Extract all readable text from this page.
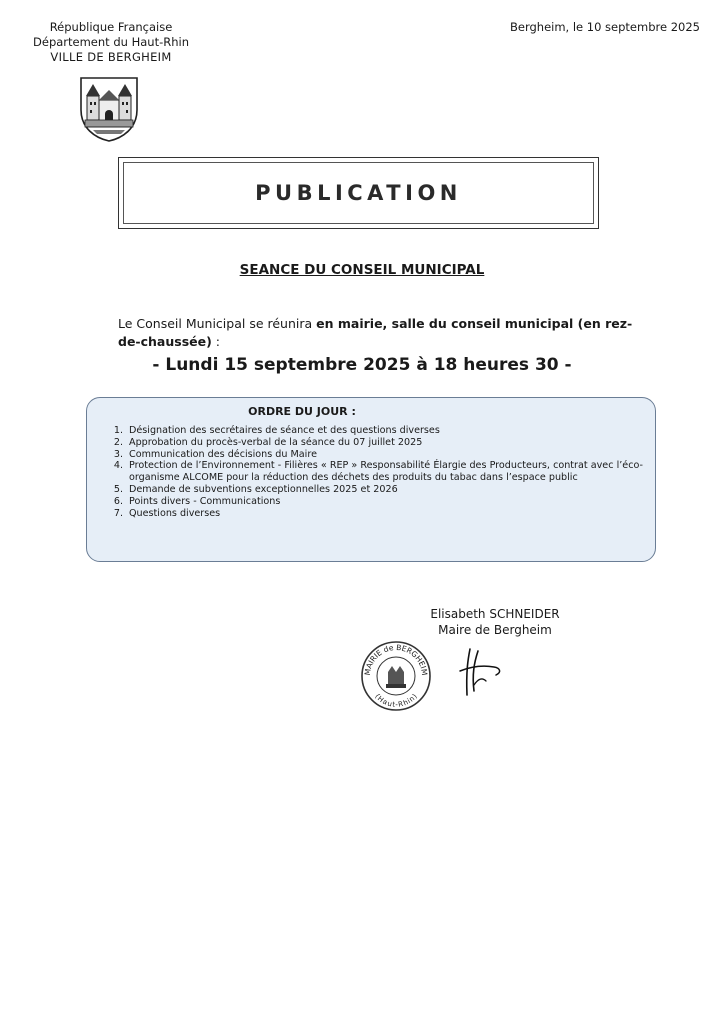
République Française
Département du Haut-Rhin
VILLE DE BERGHEIM
Bergheim, le 10 septembre 2025
PUBLICATION
SEANCE DU CONSEIL MUNICIPAL
Le Conseil Municipal se réunira en mairie, salle du conseil municipal (en rez-de-chaussée) :
- Lundi 15 septembre 2025 à 18 heures 30 -
ORDRE DU JOUR :
1. Désignation des secrétaires de séance et des questions diverses
2. Approbation du procès-verbal de la séance du 07 juillet 2025
3. Communication des décisions du Maire
4. Protection de l’Environnement - Filières « REP » Responsabilité Élargie des Producteurs, contrat avec l’éco-organisme ALCOME pour la réduction des déchets des produits du tabac dans l’espace public
5. Demande de subventions exceptionnelles 2025 et 2026
6. Points divers - Communications
7. Questions diverses
Elisabeth SCHNEIDER
Maire de Bergheim
MAIRIE de BERGHEIM
(Haut-Rhin)
